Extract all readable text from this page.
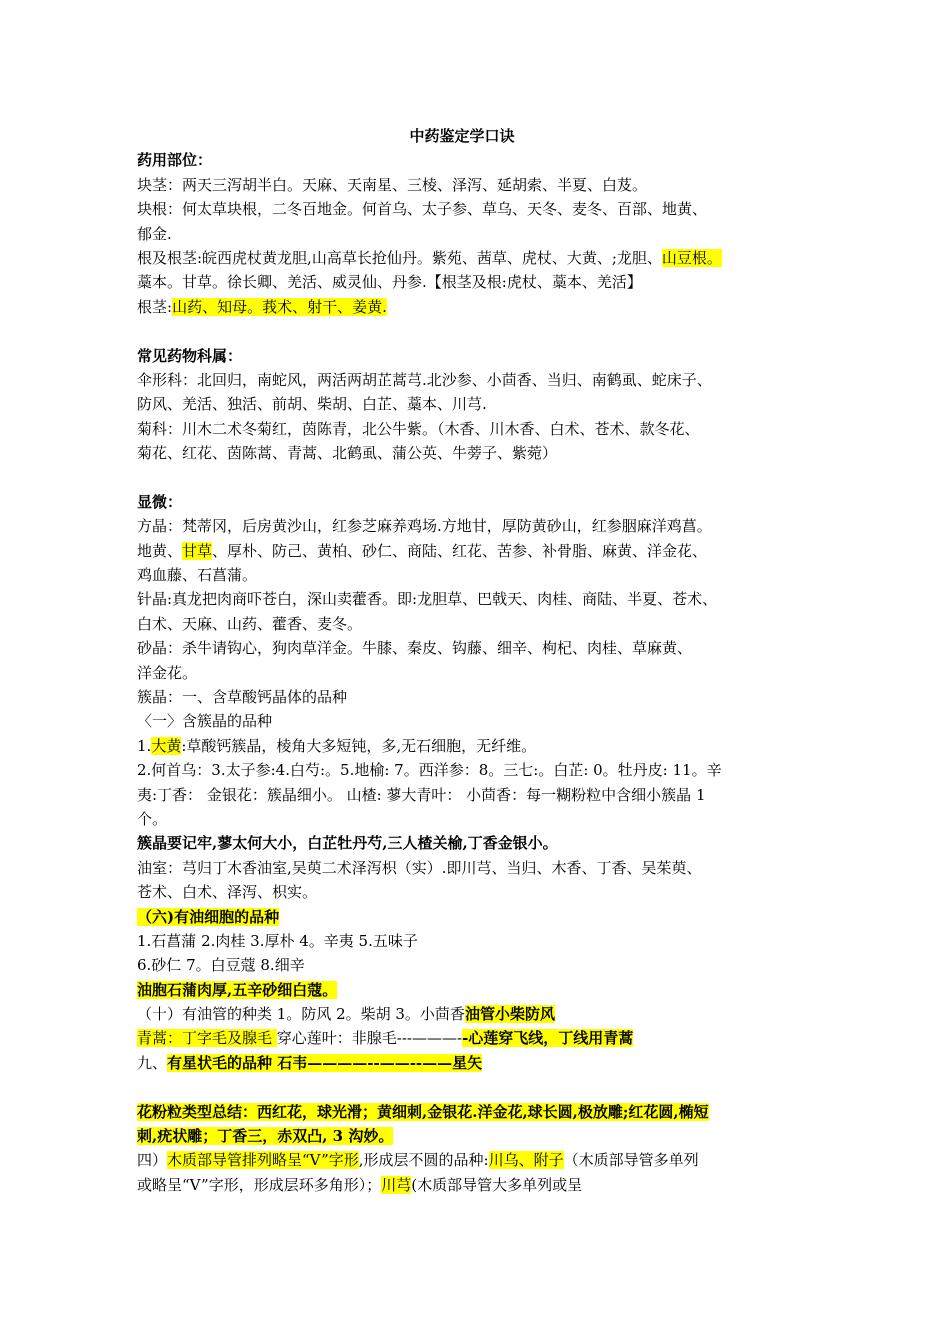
中药鉴定学口诀
药用部位：
块茎：两天三泻胡半白。天麻、天南星、三棱、泽泻、延胡索、半夏、白芨。
块根：何太草块根，二冬百地金。何首乌、太子参、草乌、天冬、麦冬、百部、地黄、
郁金.
根及根茎:皖西虎杖黄龙胆,山高草长抢仙丹。紫苑、茜草、虎杖、大黄、;龙胆、山豆根。
藁本。甘草。徐长卿、羌活、威灵仙、丹参.【根茎及根:虎杖、藁本、羌活】
根茎:山药、知母。莪术、射干、姜黄.
常见药物科属：
伞形科：北回归，南蛇风，两活两胡芷蒿芎.北沙参、小茴香、当归、南鹤虱、蛇床子、
防风、羌活、独活、前胡、柴胡、白芷、藁本、川芎.
菊科：川木二术冬菊红，茵陈青，北公牛紫。（木香、川木香、白术、苍术、款冬花、
菊花、红花、茵陈蒿、青蒿、北鹤虱、蒲公英、牛蒡子、紫菀）
显微：
方晶：梵蒂冈，后房黄沙山，红参芝麻养鸡场.方地甘，厚防黄砂山，红参胭麻洋鸡菖。
地黄、甘草、厚朴、防己、黄柏、砂仁、商陆、红花、苦参、补骨脂、麻黄、洋金花、
鸡血藤、石菖蒲。
针晶:真龙把肉商吓苍白，深山卖藿香。即:龙胆草、巴戟天、肉桂、商陆、半夏、苍术、
白术、天麻、山药、藿香、麦冬。
砂晶：杀牛请钩心，狗肉草洋金。牛膝、秦皮、钩藤、细辛、枸杞、肉桂、草麻黄、
洋金花。
簇晶：一、含草酸钙晶体的品种
〈一〉含簇晶的品种
1.大黄:草酸钙簇晶，棱角大多短钝，多,无石细胞，无纤维。
2.何首乌：3.太子参:4.白芍:。5.地榆: 7。西洋参：8。三七:。白芷: 0。牡丹皮: 11。辛
夷:丁香： 金银花：簇晶细小。 山楂: 蓼大青叶： 小茴香：每一糊粉粒中含细小簇晶 1
个。
簇晶要记牢,蓼太何大小，白芷牡丹芍,三人楂关榆,丁香金银小。
油室：芎归丁木香油室,吴萸二术泽泻枳（实）.即川芎、当归、木香、丁香、吴茱萸、
苍术、白术、泽泻、枳实。
（六)有油细胞的品种
1.石菖蒲 2.肉桂 3.厚朴 4。辛夷 5.五味子
6.砂仁 7。白豆蔻 8.细辛
油胞石蒲肉厚,五辛砂细白蔻。
（十）有油管的种类 1。防风 2。柴胡 3。小茴香油管小柴防风
青蒿：丁字毛及腺毛 穿心莲叶：非腺毛---———--心莲穿飞线，丁线用青蒿
九、有星状毛的品种 石韦————--——--——星矢
花粉粒类型总结：西红花，球光滑；黄细刺,金银花.洋金花,球长圆,极放雕;红花圆,椭短
刺,疣状雕；丁香三，赤双凸, 3 沟妙。
四）木质部导管排列略呈“V”字形,形成层不圆的品种:川乌、附子（木质部导管多单列
或略呈“V”字形，形成层环多角形）；川芎(木质部导管大多单列或呈
